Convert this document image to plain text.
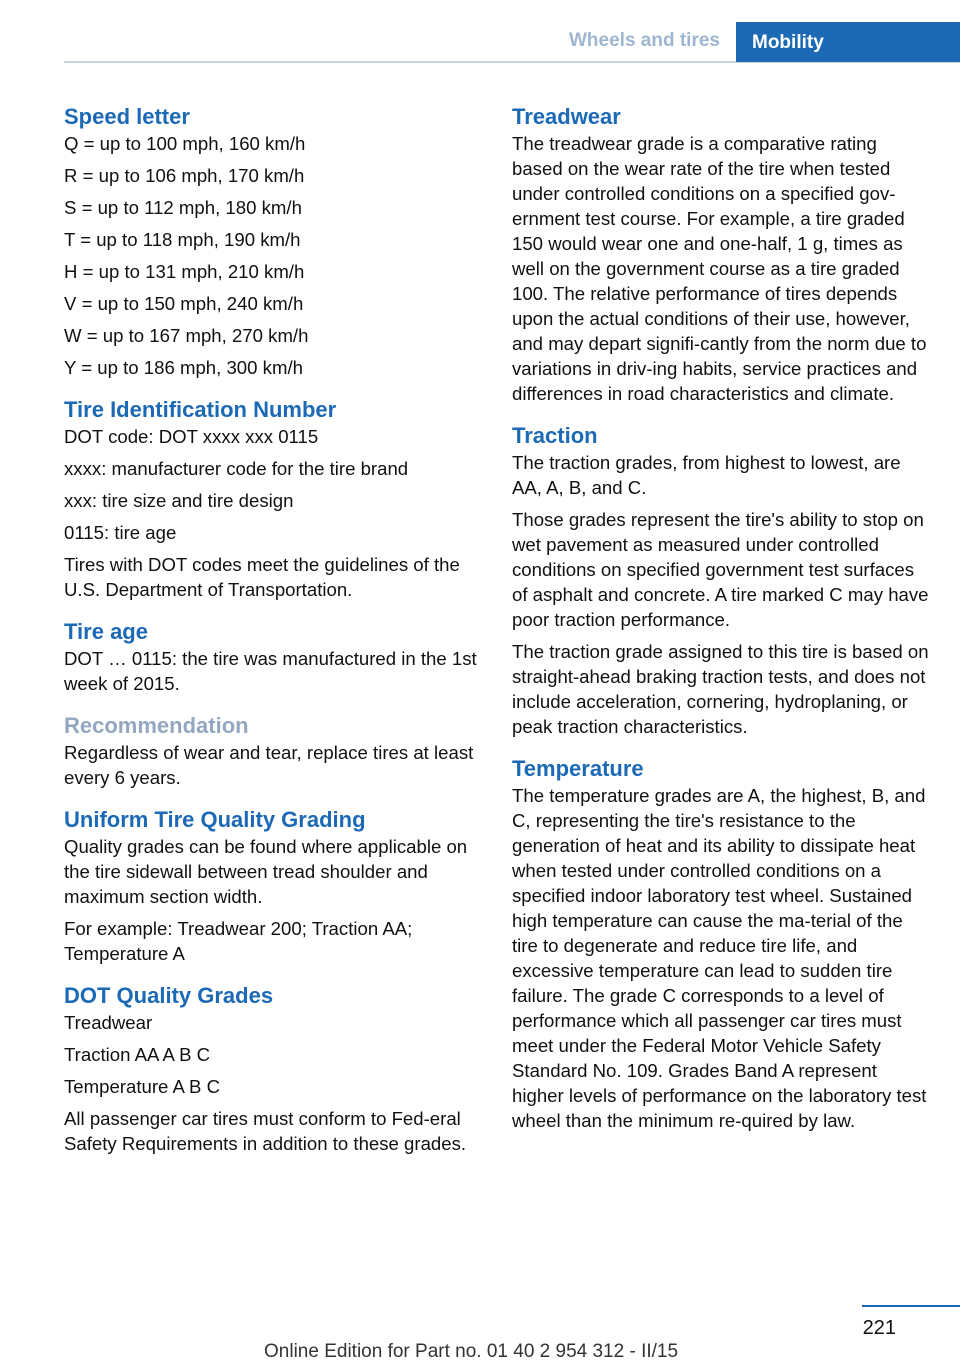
Wheels and tires	Mobility
Speed letter

Q = up to 100 mph, 160 km/h

R = up to 106 mph, 170 km/h

S = up to 112 mph, 180 km/h

T = up to 118 mph, 190 km/h

H = up to 131 mph, 210 km/h

V = up to 150 mph, 240 km/h

W = up to 167 mph, 270 km/h

Y = up to 186 mph, 300 km/h

Tire Identification Number

DOT code: DOT xxxx xxx 0115

xxxx: manufacturer code for the tire brand

xxx: tire size and tire design

0115: tire age

Tires with DOT codes meet the guidelines of the U.S. Department of Transportation.

Tire age

DOT … 0115: the tire was manufactured in the 1st week of 2015.

Recommendation

Regardless of wear and tear, replace tires at least every 6 years.

Uniform Tire Quality Grading

Quality grades can be found where applicable on the tire sidewall between tread shoulder and maximum section width.

For example: Treadwear 200; Traction AA; Temperature A

DOT Quality Grades

Treadwear

Traction AA A B C

Temperature A B C

All passenger car tires must conform to Fed‐eral Safety Requirements in addition to these grades.

Treadwear

The treadwear grade is a comparative rating based on the wear rate of the tire when tested under controlled conditions on a specified gov‐ernment test course. For example, a tire graded 150 would wear one and one-half, 1 g, times as well on the government course as a tire graded 100. The relative performance of tires depends upon the actual conditions of their use, however, and may depart signifi‐cantly from the norm due to variations in driv‐ing habits, service practices and differences in road characteristics and climate.

Traction

The traction grades, from highest to lowest, are AA, A, B, and C.

Those grades represent the tire's ability to stop on wet pavement as measured under controlled conditions on specified government test surfaces of asphalt and concrete. A tire marked C may have poor traction performance.

The traction grade assigned to this tire is based on straight-ahead braking traction tests, and does not include acceleration, cornering, hydroplaning, or peak traction characteristics.

Temperature

The temperature grades are A, the highest, B, and C, representing the tire's resistance to the generation of heat and its ability to dissipate heat when tested under controlled conditions on a specified indoor laboratory test wheel. Sustained high temperature can cause the ma‐terial of the tire to degenerate and reduce tire life, and excessive temperature can lead to sudden tire failure. The grade C corresponds to a level of performance which all passenger car tires must meet under the Federal Motor Vehicle Safety Standard No. 109. Grades Band A represent higher levels of performance on the laboratory test wheel than the minimum re‐quired by law.

221
Online Edition for Part no. 01 40 2 954 312 - II/15
